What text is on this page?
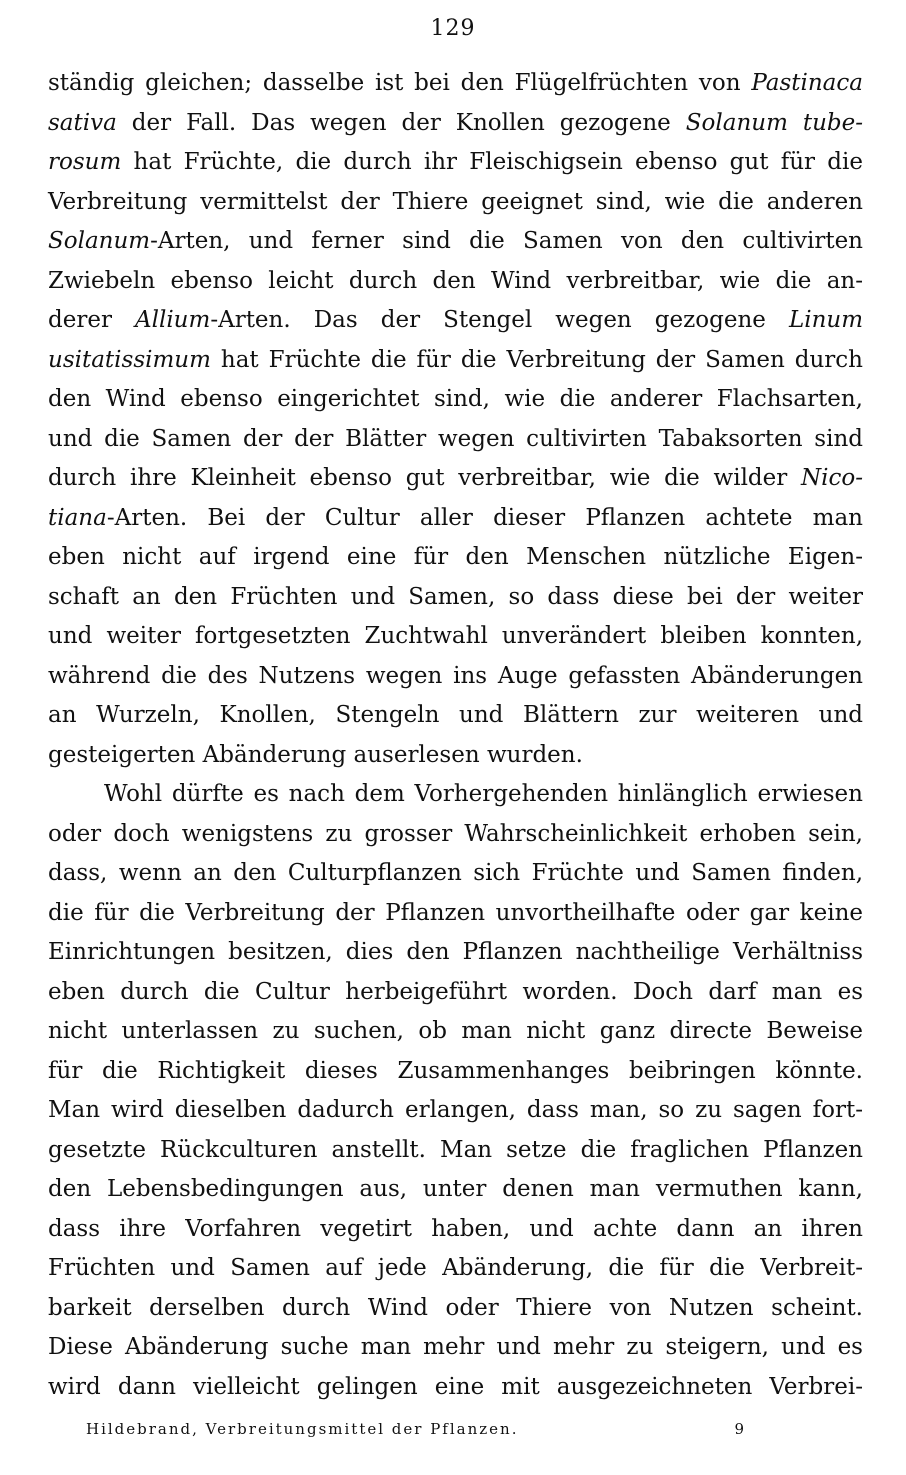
129
ständig gleichen; dasselbe ist bei den Flügelfrüchten von Pastinaca
sativa der Fall. Das wegen der Knollen gezogene Solanum tube-
rosum hat Früchte, die durch ihr Fleischigsein ebenso gut für die
Verbreitung vermittelst der Thiere geeignet sind, wie die anderen
Solanum-Arten, und ferner sind die Samen von den cultivirten
Zwiebeln ebenso leicht durch den Wind verbreitbar, wie die an-
derer Allium-Arten. Das der Stengel wegen gezogene Linum
usitatissimum hat Früchte die für die Verbreitung der Samen durch
den Wind ebenso eingerichtet sind, wie die anderer Flachsarten,
und die Samen der der Blätter wegen cultivirten Tabaksorten sind
durch ihre Kleinheit ebenso gut verbreitbar, wie die wilder Nico-
tiana-Arten. Bei der Cultur aller dieser Pflanzen achtete man
eben nicht auf irgend eine für den Menschen nützliche Eigen-
schaft an den Früchten und Samen, so dass diese bei der weiter
und weiter fortgesetzten Zuchtwahl unverändert bleiben konnten,
während die des Nutzens wegen ins Auge gefassten Abänderungen
an Wurzeln, Knollen, Stengeln und Blättern zur weiteren und
gesteigerten Abänderung auserlesen wurden.
Wohl dürfte es nach dem Vorhergehenden hinlänglich erwiesen
oder doch wenigstens zu grosser Wahrscheinlichkeit erhoben sein,
dass, wenn an den Culturpflanzen sich Früchte und Samen finden,
die für die Verbreitung der Pflanzen unvortheilhafte oder gar keine
Einrichtungen besitzen, dies den Pflanzen nachtheilige Verhältniss
eben durch die Cultur herbeigeführt worden. Doch darf man es
nicht unterlassen zu suchen, ob man nicht ganz directe Beweise
für die Richtigkeit dieses Zusammenhanges beibringen könnte.
Man wird dieselben dadurch erlangen, dass man, so zu sagen fort-
gesetzte Rückculturen anstellt. Man setze die fraglichen Pflanzen
den Lebensbedingungen aus, unter denen man vermuthen kann,
dass ihre Vorfahren vegetirt haben, und achte dann an ihren
Früchten und Samen auf jede Abänderung, die für die Verbreit-
barkeit derselben durch Wind oder Thiere von Nutzen scheint.
Diese Abänderung suche man mehr und mehr zu steigern, und es
wird dann vielleicht gelingen eine mit ausgezeichneten Verbrei-
Hildebrand, Verbreitungsmittel der Pflanzen.	9
